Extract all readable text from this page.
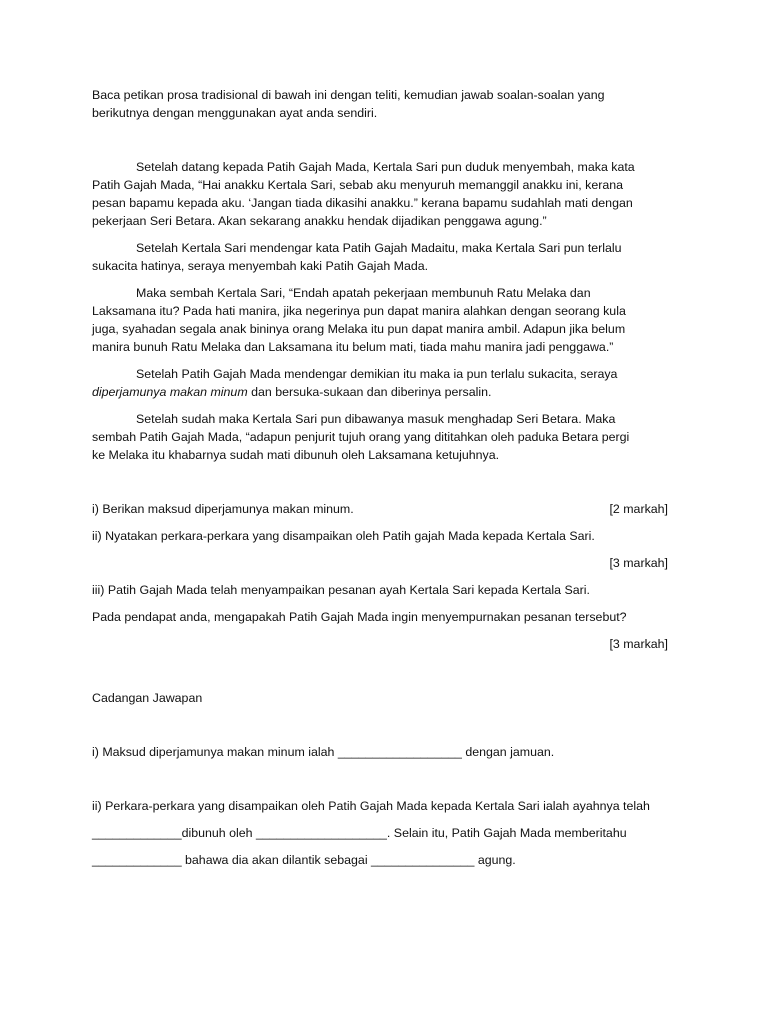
Baca petikan prosa tradisional di bawah ini dengan teliti, kemudian jawab soalan-soalan yang

berikutnya dengan menggunakan ayat anda sendiri.

Setelah datang kepada Patih Gajah Mada, Kertala Sari pun duduk menyembah, maka kata

Patih Gajah Mada, “Hai anakku Kertala Sari, sebab aku menyuruh memanggil anakku ini, kerana

pesan bapamu kepada aku. ‘Jangan tiada dikasihi anakku.” kerana bapamu sudahlah mati dengan

pekerjaan Seri Betara. Akan sekarang anakku hendak dijadikan penggawa agung.”

Setelah Kertala Sari mendengar kata Patih Gajah Madaitu, maka Kertala Sari pun terlalu

sukacita hatinya, seraya menyembah kaki Patih Gajah Mada.

Maka sembah Kertala Sari, “Endah apatah pekerjaan membunuh Ratu Melaka dan

Laksamana itu? Pada hati manira, jika negerinya pun dapat manira alahkan dengan seorang kula

juga, syahadan segala anak bininya orang Melaka itu pun dapat manira ambil. Adapun jika belum

manira bunuh Ratu Melaka dan Laksamana itu belum mati, tiada mahu manira jadi penggawa.”

Setelah Patih Gajah Mada mendengar demikian itu maka ia pun terlalu sukacita, seraya

diperjamunya makan minum dan bersuka-sukaan dan diberinya persalin.

Setelah sudah maka Kertala Sari pun dibawanya masuk menghadap Seri Betara. Maka

sembah Patih Gajah Mada, “adapun penjurit tujuh orang yang dititahkan oleh paduka Betara pergi

ke Melaka itu khabarnya sudah mati dibunuh oleh Laksamana ketujuhnya.

i) Berikan maksud diperjamunya makan minum.	[2 markah]

ii) Nyatakan perkara-perkara yang disampaikan oleh Patih gajah Mada kepada Kertala Sari.

[3 markah]

iii) Patih Gajah Mada telah menyampaikan pesanan ayah Kertala Sari kepada Kertala Sari.

Pada pendapat anda, mengapakah Patih Gajah Mada ingin menyempurnakan pesanan tersebut?

[3 markah]

Cadangan Jawapan

i) Maksud diperjamunya makan minum ialah __________________ dengan jamuan.

ii) Perkara-perkara yang disampaikan oleh Patih Gajah Mada kepada Kertala Sari ialah ayahnya telah

_____________dibunuh oleh ___________________. Selain itu, Patih Gajah Mada memberitahu

_____________ bahawa dia akan dilantik sebagai _______________ agung.
